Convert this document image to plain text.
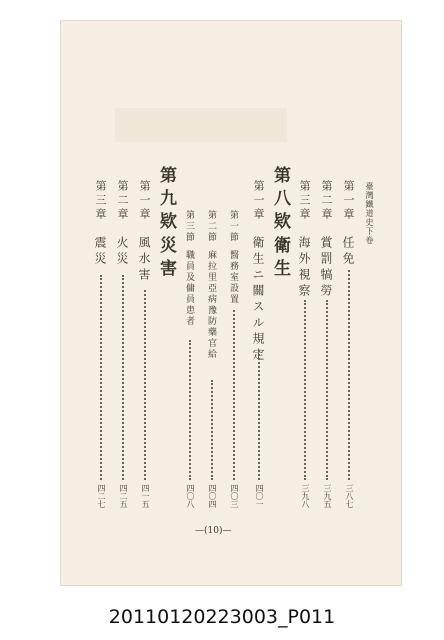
臺灣鐵道史下卷
第一章
任免
三八七
第二章
賞罰犒勞
三九五
第三章
海外視察
三九八
第八欵
衛生
第一章
衛生ニ關スル規定
四〇一
第一節
醫務室設置
四〇三
第二節
麻拉里亞病豫防藥官給
四〇四
第三節
職員及傭員患者
四〇八
第九欵
災害
第一章
風水害
四一五
第二章
火災
四二五
第三章
震災
四二七
—(10)—
20110120223003_P011
